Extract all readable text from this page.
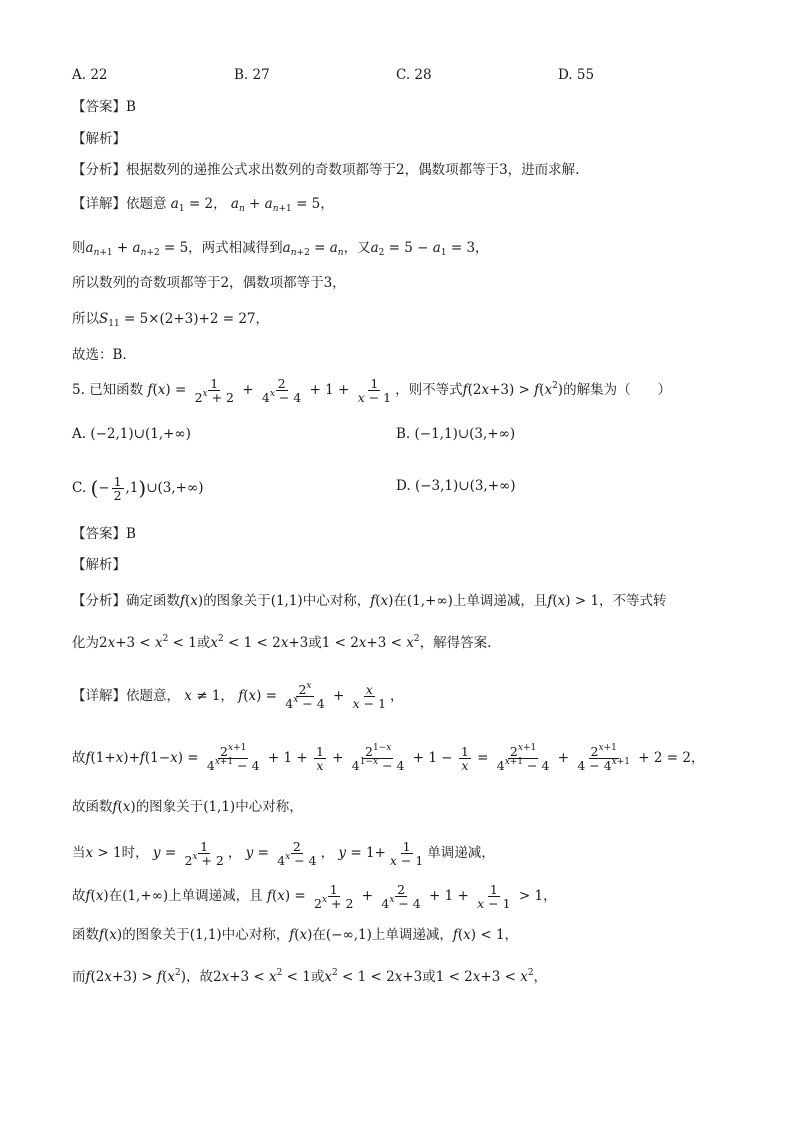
A. 22	B. 27	C. 28	D. 55
【答案】B
【解析】
【分析】根据数列的递推公式求出数列的奇数项都等于2，偶数项都等于3，进而求解.
【详解】依题意 $a_1 = 2$， $a_n + a_{n+1} = 5$，
则$a_{n+1} + a_{n+2} = 5$，两式相减得到$a_{n+2} = a_n$，又$a_2 = 5 - a_1 = 3$，
所以数列的奇数项都等于2，偶数项都等于3，
所以$S_{11} = 5\times(2+3)+2 = 27$，
故选：B.
5. 已知函数 $f(x) = \frac{1}{2^x + 2} + \frac{2}{4^x - 4} + 1 + \frac{1}{x - 1}$ ，则不等式$f(2x+3) > f(x^2)$的解集为（　　）
A. (−2,1)∪(1,+∞)	B. (−1,1)∪(3,+∞)
C. (− $\frac{1}{2}$ ,1)∪(3,+∞)	D. (−3,1)∪(3,+∞)
【答案】B
【解析】
【分析】确定函数f(x)的图象关于(1,1)中心对称，f(x)在(1,+∞)上单调递减，且f(x) > 1，不等式转
化为$2x+3 < x^2 < 1$或$x^2 < 1 < 2x+3$或$1 < 2x+3 < x^2$，解得答案.
【详解】依题意， x ≠ 1， $f(x) = \frac{2^x}{4^x - 4} + \frac{x}{x - 1}$ ，
故$f(1+x)+f(1-x) = \frac{2^{x+1}}{4^{x+1} - 4} + 1 + \frac{1}{x} + \frac{2^{1-x}}{4^{1-x} - 4} + 1 - \frac{1}{x} = \frac{2^{x+1}}{4^{x+1} - 4} + \frac{2^{x+1}}{4 - 4^{x+1}} + 2 = 2$，
故函数f(x)的图象关于(1,1)中心对称，
当x > 1时， $y = \frac{1}{2^x + 2}$ ， $y = \frac{2}{4^x - 4}$ ， $y = 1+ \frac{1}{x - 1}$ 单调递减，
故f(x)在(1,+∞)上单调递减，且 $f(x) = \frac{1}{2^x + 2} + \frac{2}{4^x - 4} + 1 + \frac{1}{x - 1} > 1$，
函数f(x)的图象关于(1,1)中心对称，f(x)在(−∞,1)上单调递减，f(x) < 1，
而$f(2x+3) > f(x^2)$，故$2x+3 < x^2 < 1$或$x^2 < 1 < 2x+3$或$1 < 2x+3 < x^2$，
